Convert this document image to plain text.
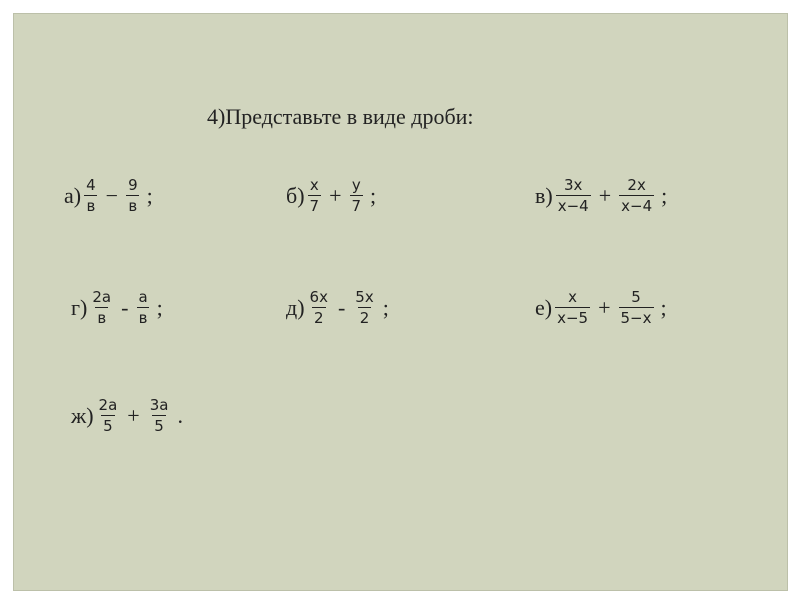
4)Представьте в виде дроби:
$а) \frac{4}{в} - \frac{9}{в}$ ;	$б) \frac{x}{7} + \frac{y}{7}$ ;	$в) \frac{3x}{x-4} + \frac{2x}{x-4}$ ;
$г) \frac{2a}{в} - \frac{a}{в}$ ;	$д) \frac{6x}{2} - \frac{5x}{2}$ ;	$е) \frac{x}{x-5} + \frac{5}{5-x}$ ;
$ж) \frac{2a}{5} + \frac{3a}{5}$ .
